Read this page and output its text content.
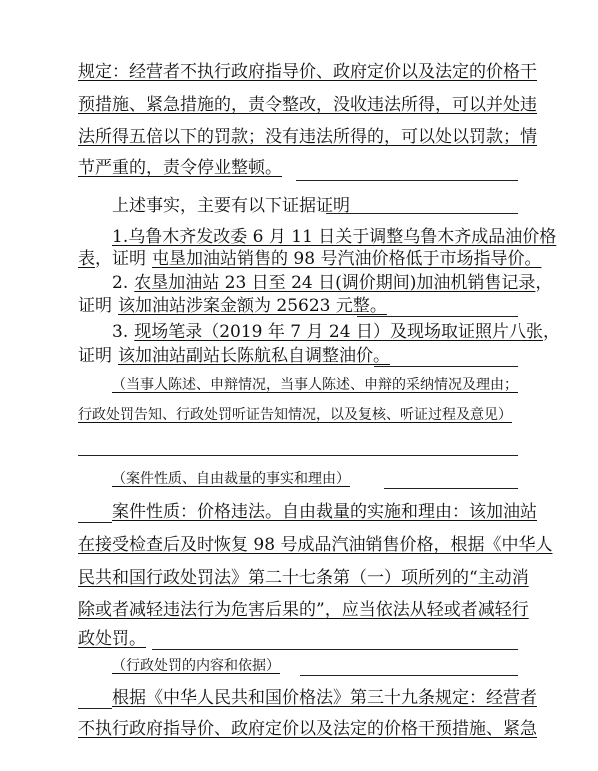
规定：经营者不执行政府指导价、政府定价以及法定的价格干
预措施、紧急措施的，责令整改，没收违法所得，可以并处违
法所得五倍以下的罚款；没有违法所得的，可以处以罚款；情
节严重的，责令停业整顿。
上述事实，主要有以下证据证明
1.乌鲁木齐发改委 6 月 11 日关于调整乌鲁木齐成品油价格
表，证明 屯垦加油站销售的 98 号汽油价格低于市场指导价。
2. 农垦加油站 23 日至 24 日(调价期间)加油机销售记录，
证明 该加油站涉案金额为 25623 元整。
3. 现场笔录（2019 年 7 月 24 日）及现场取证照片八张，
证明 该加油站副站长陈航私自调整油价。
（当事人陈述、申辩情况，当事人陈述、申辩的采纳情况及理由；
行政处罚告知、行政处罚听证告知情况，以及复核、听证过程及意见）
（案件性质、自由裁量的事实和理由）
案件性质：价格违法。自由裁量的实施和理由：该加油站
在接受检查后及时恢复 98 号成品汽油销售价格，根据《中华人
民共和国行政处罚法》第二十七条第（一）项所列的“主动消
除或者减轻违法行为危害后果的”，应当依法从轻或者减轻行
政处罚。
（行政处罚的内容和依据）
根据《中华人民共和国价格法》第三十九条规定：经营者
不执行政府指导价、政府定价以及法定的价格干预措施、紧急
